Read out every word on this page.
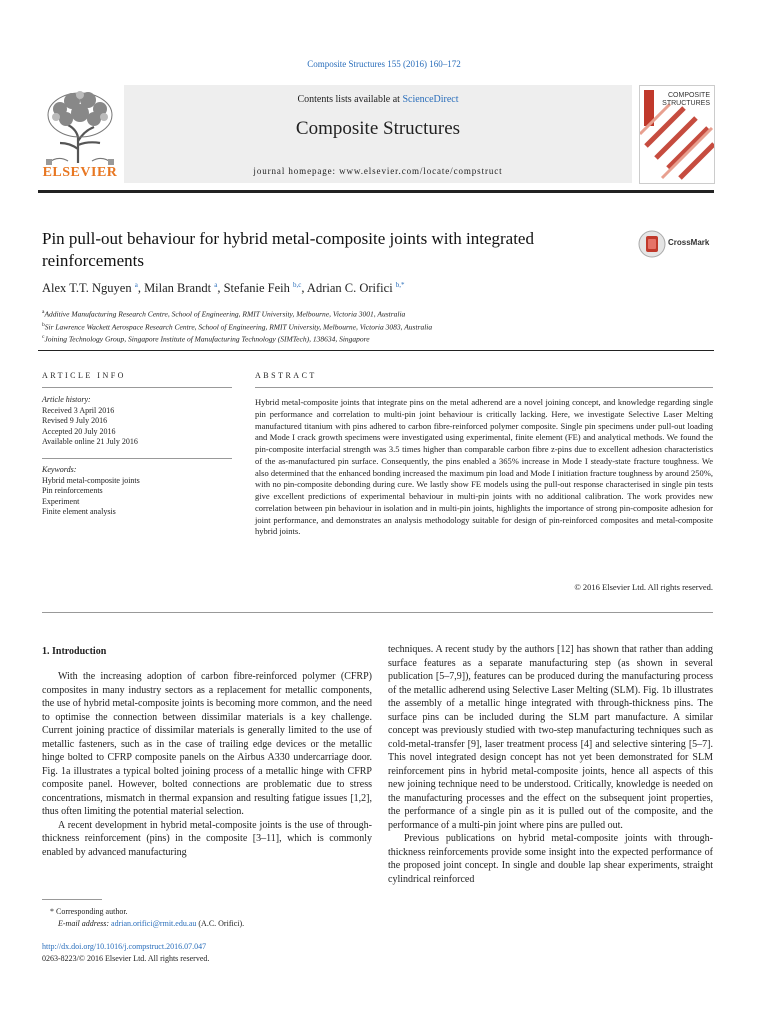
Composite Structures 155 (2016) 160–172
Contents lists available at ScienceDirect
Composite Structures
journal homepage: www.elsevier.com/locate/compstruct
ELSEVIER
COMPOSITE
STRUCTURES
Pin pull-out behaviour for hybrid metal-composite joints with integrated reinforcements
CrossMark
Alex T.T. Nguyen $^a$, Milan Brandt $^a$, Stefanie Feih $^{b,c}$, Adrian C. Orifici $^{b,*}$
$^a$Additive Manufacturing Research Centre, School of Engineering, RMIT University, Melbourne, Victoria 3001, Australia
$^b$Sir Lawrence Wackett Aerospace Research Centre, School of Engineering, RMIT University, Melbourne, Victoria 3083, Australia
$^c$Joining Technology Group, Singapore Institute of Manufacturing Technology (SIMTech), 138634, Singapore
ARTICLE INFO
Article history:
Received 3 April 2016
Revised 9 July 2016
Accepted 20 July 2016
Available online 21 July 2016
Keywords:
Hybrid metal-composite joints
Pin reinforcements
Experiment
Finite element analysis
ABSTRACT
Hybrid metal-composite joints that integrate pins on the metal adherend are a novel joining concept, and knowledge regarding single pin performance and correlation to multi-pin joint behaviour is critically lacking. Here, we investigate Selective Laser Melting manufactured titanium with pins adhered to carbon fibre-reinforced polymer composite. Single pin specimens under pull-out loading and Mode I crack growth specimens were investigated using experimental, finite element (FE) and analytical methods. We found the pin-composite interfacial strength was 3.5 times higher than comparable carbon fibre z-pins due to excellent adhesion characteristics of the as-manufactured pin surface. Consequently, the pins enabled a 365% increase in Mode I steady-state fracture toughness. We also determined that the enhanced bonding increased the maximum pin load and Mode I initiation fracture toughness by around 250%, with no pin-composite debonding during cure. We lastly show FE models using the pull-out response characterised in single pin tests give excellent predictions of experimental behaviour in multi-pin joints with no additional calibration. The work provides new correlation between pin behaviour in isolation and in multi-pin joints, highlights the importance of strong pin-composite adhesion for joint performance, and demonstrates an analysis methodology suitable for design of pin-reinforced composites and metal-composite hybrid joints.
© 2016 Elsevier Ltd. All rights reserved.
1. Introduction

With the increasing adoption of carbon fibre-reinforced polymer (CFRP) composites in many industry sectors as a replacement for metallic components, the use of hybrid metal-composite joints is becoming more common, and the need to optimise the connection between dissimilar materials is a key challenge. Current joining practice of dissimilar materials is generally limited to the use of metallic fasteners, such as in the case of trailing edge devices or the metallic hinge bolted to CFRP composite panels on the Airbus A330 undercarriage door. Fig. 1a illustrates a typical bolted joining process of a metallic hinge with CFRP composite panel. However, bolted connections are problematic due to stress concentrations, mismatch in thermal expansion and resulting fatigue issues [1,2], thus often limiting the potential material selection.

A recent development in hybrid metal-composite joints is the use of through-thickness reinforcement (pins) in the composite [3–11], which is commonly enabled by advanced manufacturing

techniques. A recent study by the authors [12] has shown that rather than adding surface features as a separate manufacturing step (as shown in several publication [5–7,9]), features can be produced during the manufacturing process of the metallic adherend using Selective Laser Melting (SLM). Fig. 1b illustrates the assembly of a metallic hinge integrated with through-thickness pins. The surface pins can be included during the SLM part manufacture. A similar concept was previously studied with two-step manufacturing techniques such as cold-metal-transfer [9], laser treatment process [4] and selective sintering [5–7]. This novel integrated design concept has not yet been demonstrated for SLM reinforcement pins in hybrid metal-composite joints, hence all aspects of this new joining technique need to be understood. Critically, knowledge is needed on the manufacturing processes and the effect on the subsequent joint properties, the performance of a single pin as it is pulled out of the composite, and the performance of a multi-pin joint where pins are pulled out.

Previous publications on hybrid metal-composite joints with through-thickness reinforcements provide some insight into the expected performance of the proposed joint concept. In single and double lap shear experiments, straight cylindrical reinforced

* Corresponding author.
E-mail address: adrian.orifici@rmit.edu.au (A.C. Orifici).
http://dx.doi.org/10.1016/j.compstruct.2016.07.047
0263-8223/© 2016 Elsevier Ltd. All rights reserved.
